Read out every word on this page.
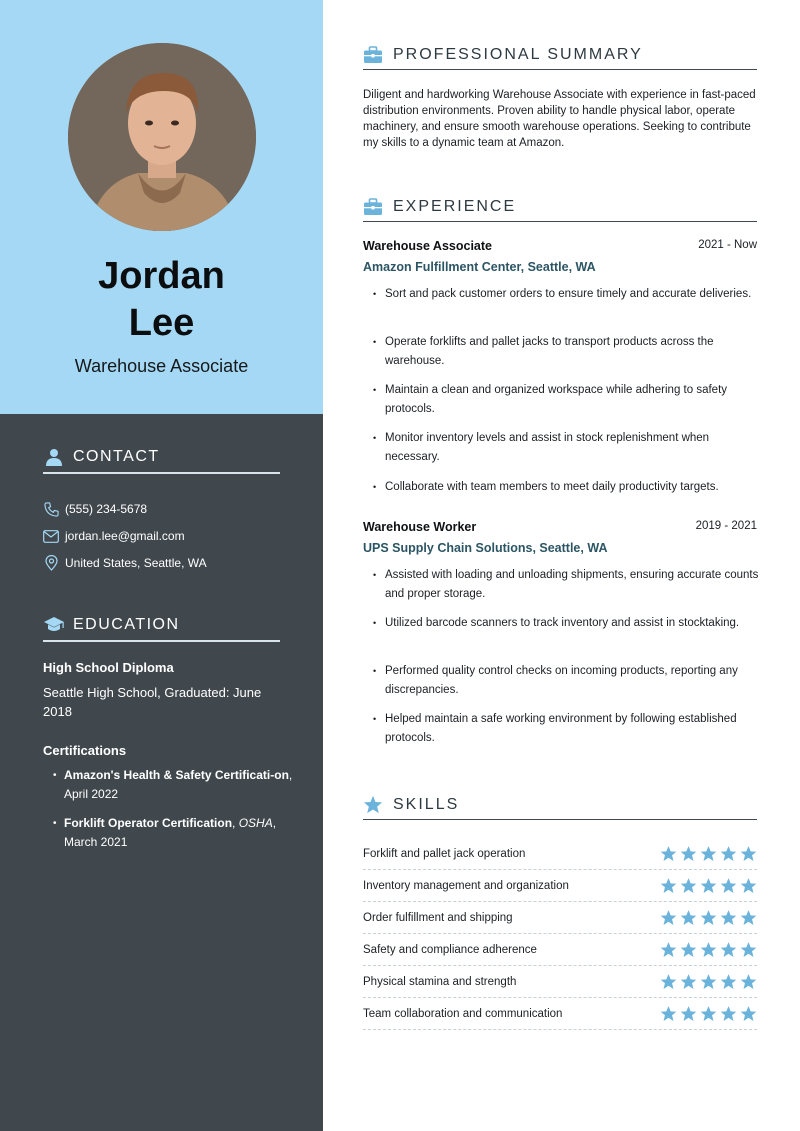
Jordan
Lee
Warehouse Associate
CONTACT
(555) 234-5678
jordan.lee@gmail.com
United States, Seattle, WA
EDUCATION
High School Diploma
Seattle High School, Graduated: June 2018
Certifications
• Amazon's Health & Safety Certificati-on, April 2022
• Forklift Operator Certification, OSHA, March 2021
PROFESSIONAL SUMMARY
Diligent and hardworking Warehouse Associate with experience in fast-paced distribution environments. Proven ability to handle physical labor, operate machinery, and ensure smooth warehouse operations. Seeking to contribute my skills to a dynamic team at Amazon.
EXPERIENCE
Warehouse Associate	2021 - Now
Amazon Fulfillment Center, Seattle, WA
• Sort and pack customer orders to ensure timely and accurate deliveries.
• Operate forklifts and pallet jacks to transport products across the warehouse.
• Maintain a clean and organized workspace while adhering to safety protocols.
• Monitor inventory levels and assist in stock replenishment when necessary.
• Collaborate with team members to meet daily productivity targets.
Warehouse Worker	2019 - 2021
UPS Supply Chain Solutions, Seattle, WA
• Assisted with loading and unloading shipments, ensuring accurate counts and proper storage.
• Utilized barcode scanners to track inventory and assist in stocktaking.
• Performed quality control checks on incoming products, reporting any discrepancies.
• Helped maintain a safe working environment by following established protocols.
SKILLS
Forklift and pallet jack operation
Inventory management and organization
Order fulfillment and shipping
Safety and compliance adherence
Physical stamina and strength
Team collaboration and communication
